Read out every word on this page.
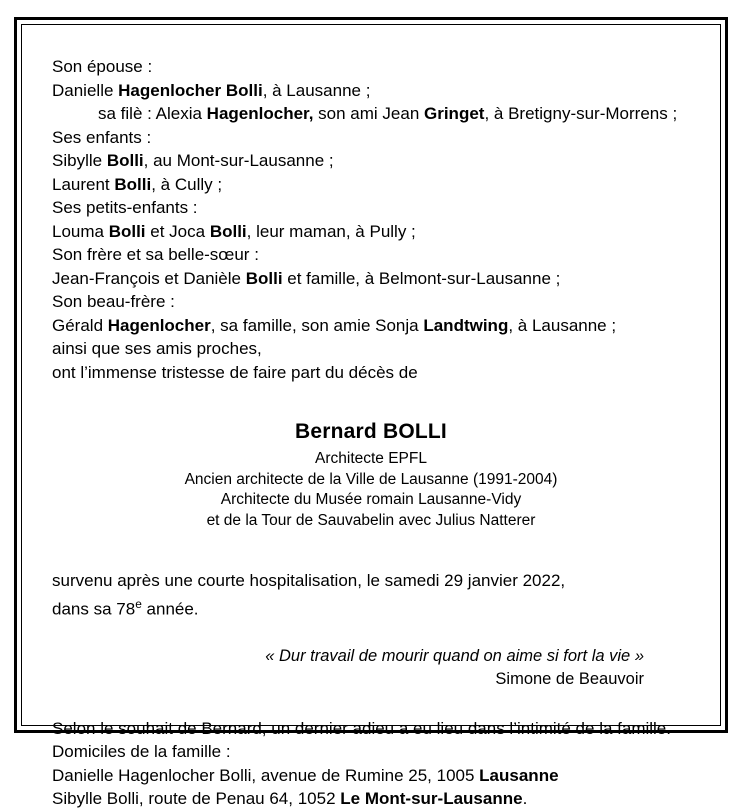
Son épouse :
Danielle Hagenlocher Bolli, à Lausanne ;
sa filè : Alexia Hagenlocher, son ami Jean Gringet, à Bretigny-sur-Morrens ;
Ses enfants :
Sibylle Bolli, au Mont-sur-Lausanne ;
Laurent Bolli, à Cully ;
Ses petits-enfants :
Louma Bolli et Joca Bolli, leur maman, à Pully ;
Son frère et sa belle-sœur :
Jean-François et Danièle Bolli et famille, à Belmont-sur-Lausanne ;
Son beau-frère :
Gérald Hagenlocher, sa famille, son amie Sonja Landtwing, à Lausanne ;
ainsi que ses amis proches,
ont l’immense tristesse de faire part du décès de
Bernard BOLLI
Architecte EPFL
Ancien architecte de la Ville de Lausanne (1991-2004)
Architecte du Musée romain Lausanne-Vidy
et de la Tour de Sauvabelin avec Julius Natterer
survenu après une courte hospitalisation, le samedi 29 janvier 2022,
dans sa 78e année.
« Dur travail de mourir quand on aime si fort la vie »
Simone de Beauvoir
Selon le souhait de Bernard, un dernier adieu a eu lieu dans l’intimité de la famille.
Domiciles de la famille :
Danielle Hagenlocher Bolli, avenue de Rumine 25, 1005 Lausanne
Sibylle Bolli, route de Penau 64, 1052 Le Mont-sur-Lausanne.
